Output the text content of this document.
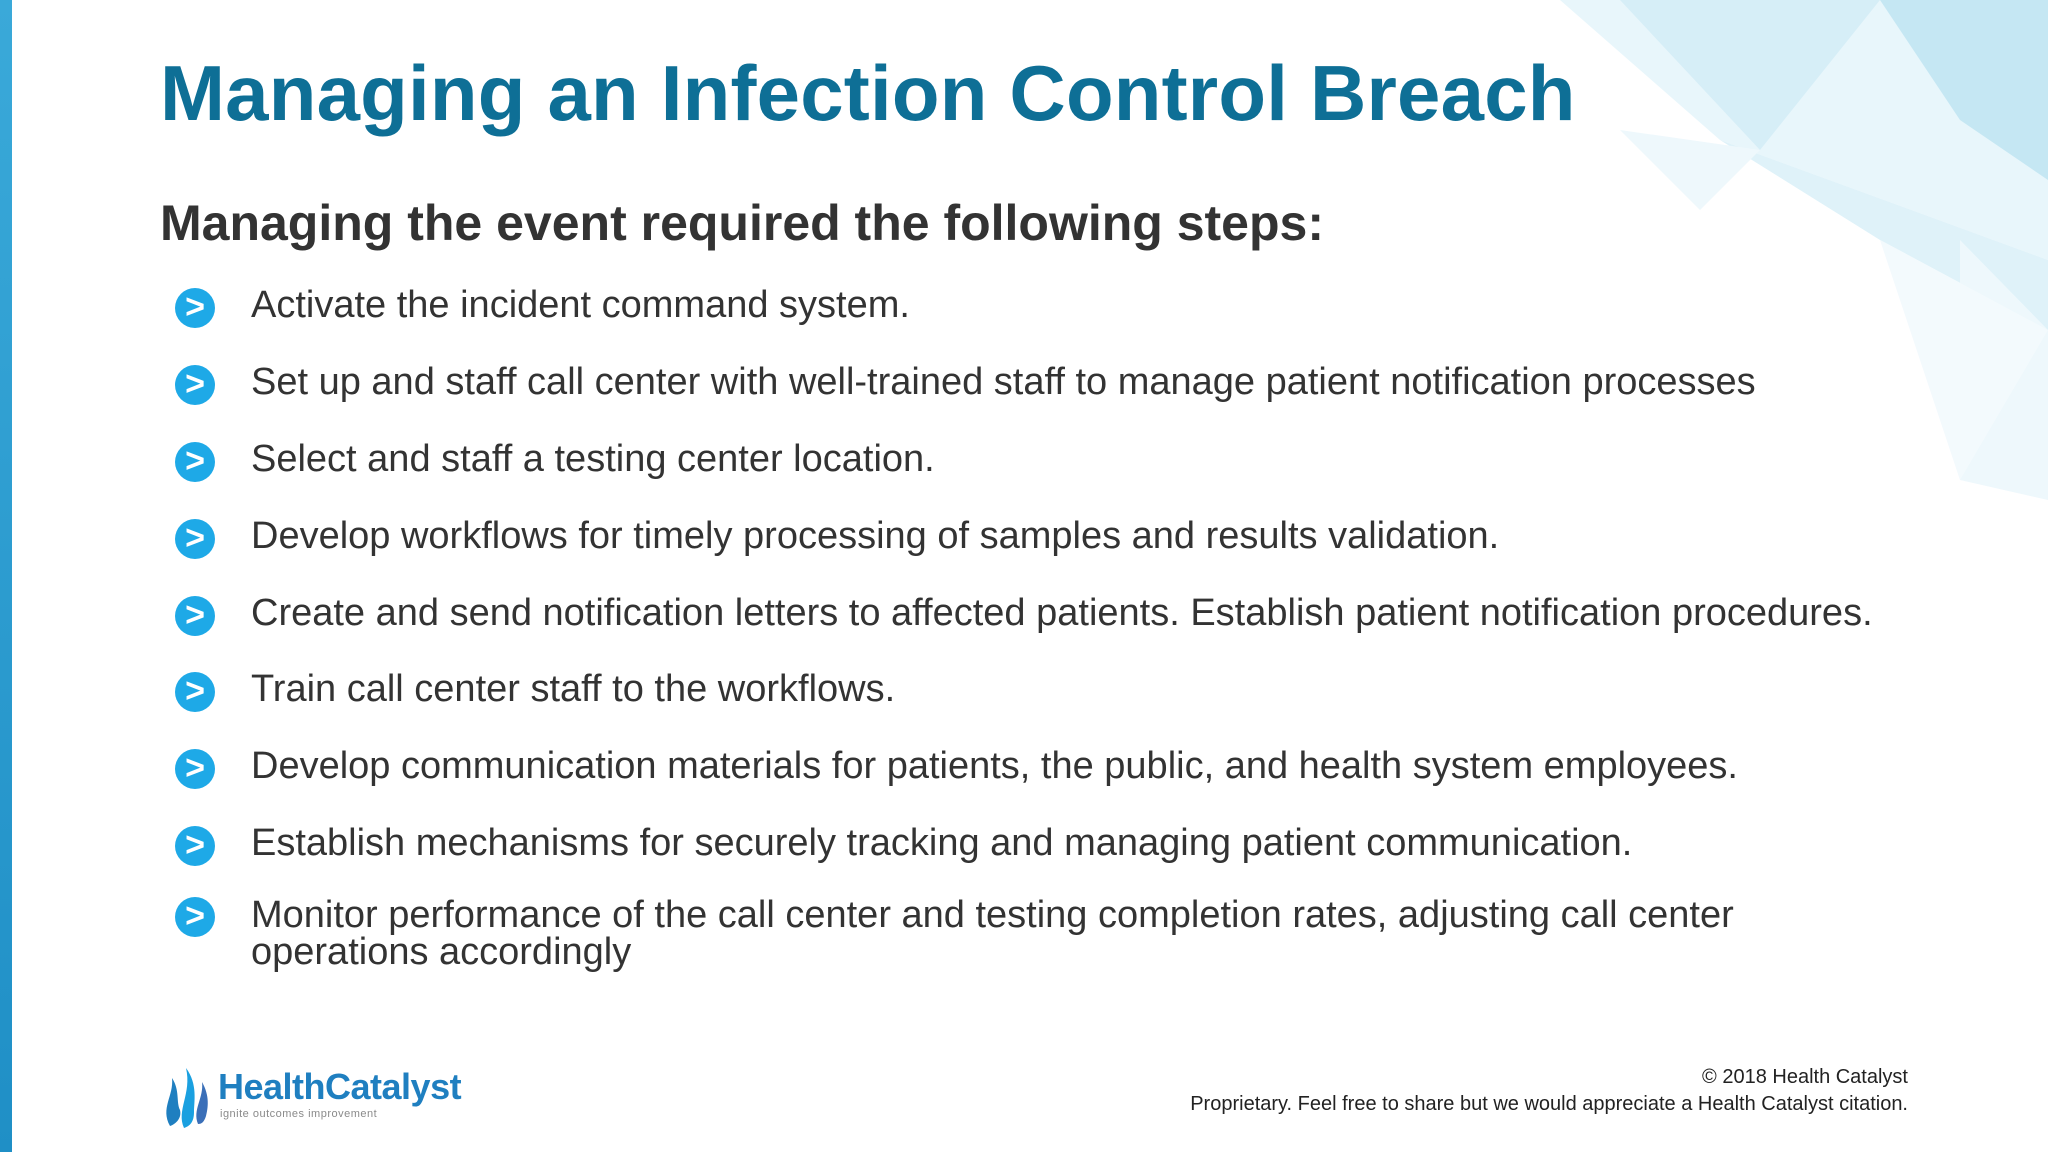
Managing an Infection Control Breach
Managing the event required the following steps:
> Activate the incident command system.
> Set up and staff call center with well-trained staff to manage patient notification processes
> Select and staff a testing center location.
> Develop workflows for timely processing of samples and results validation.
> Create and send notification letters to affected patients. Establish patient notification procedures.
> Train call center staff to the workflows.
> Develop communication materials for patients, the public, and health system employees.
> Establish mechanisms for securely tracking and managing patient communication.
> Monitor performance of the call center and testing completion rates, adjusting call center operations accordingly
HealthCatalyst
ignite outcomes improvement
© 2018 Health Catalyst
Proprietary. Feel free to share but we would appreciate a Health Catalyst citation.
